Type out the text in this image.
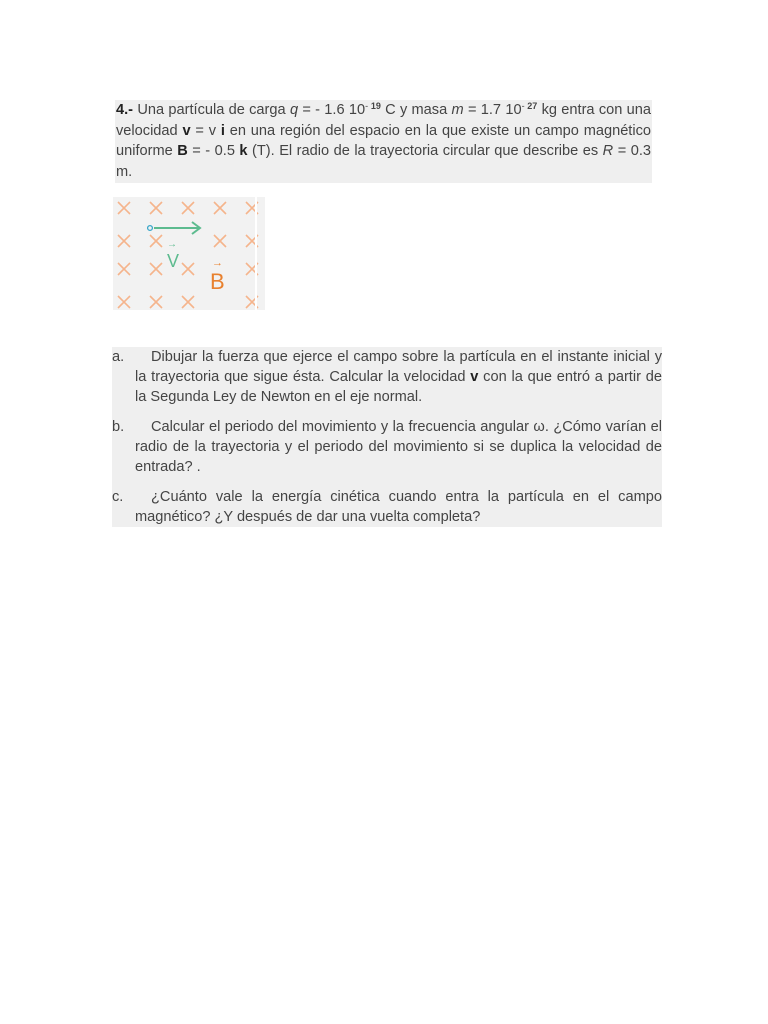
4.- Una partícula de carga q = - 1.6 $10^{- 19}$ C y masa m = 1.7 $10^{- 27}$ kg entra con una velocidad v = v i en una región del espacio en la que existe un campo magnético uniforme B = - 0.5 k (T). El radio de la trayectoria circular que describe es R = 0.3 m.

→
V	→
B
a.	Dibujar la fuerza que ejerce el campo sobre la partícula en el instante inicial y la trayectoria que sigue ésta. Calcular la velocidad v con la que entró a partir de la Segunda Ley de Newton en el eje normal.
b.	Calcular el periodo del movimiento y la frecuencia angular ω. ¿Cómo varían el radio de la trayectoria y el periodo del movimiento si se duplica la velocidad de entrada? .
c.	¿Cuánto vale la energía cinética cuando entra la partícula en el campo magnético? ¿Y después de dar una vuelta completa?
